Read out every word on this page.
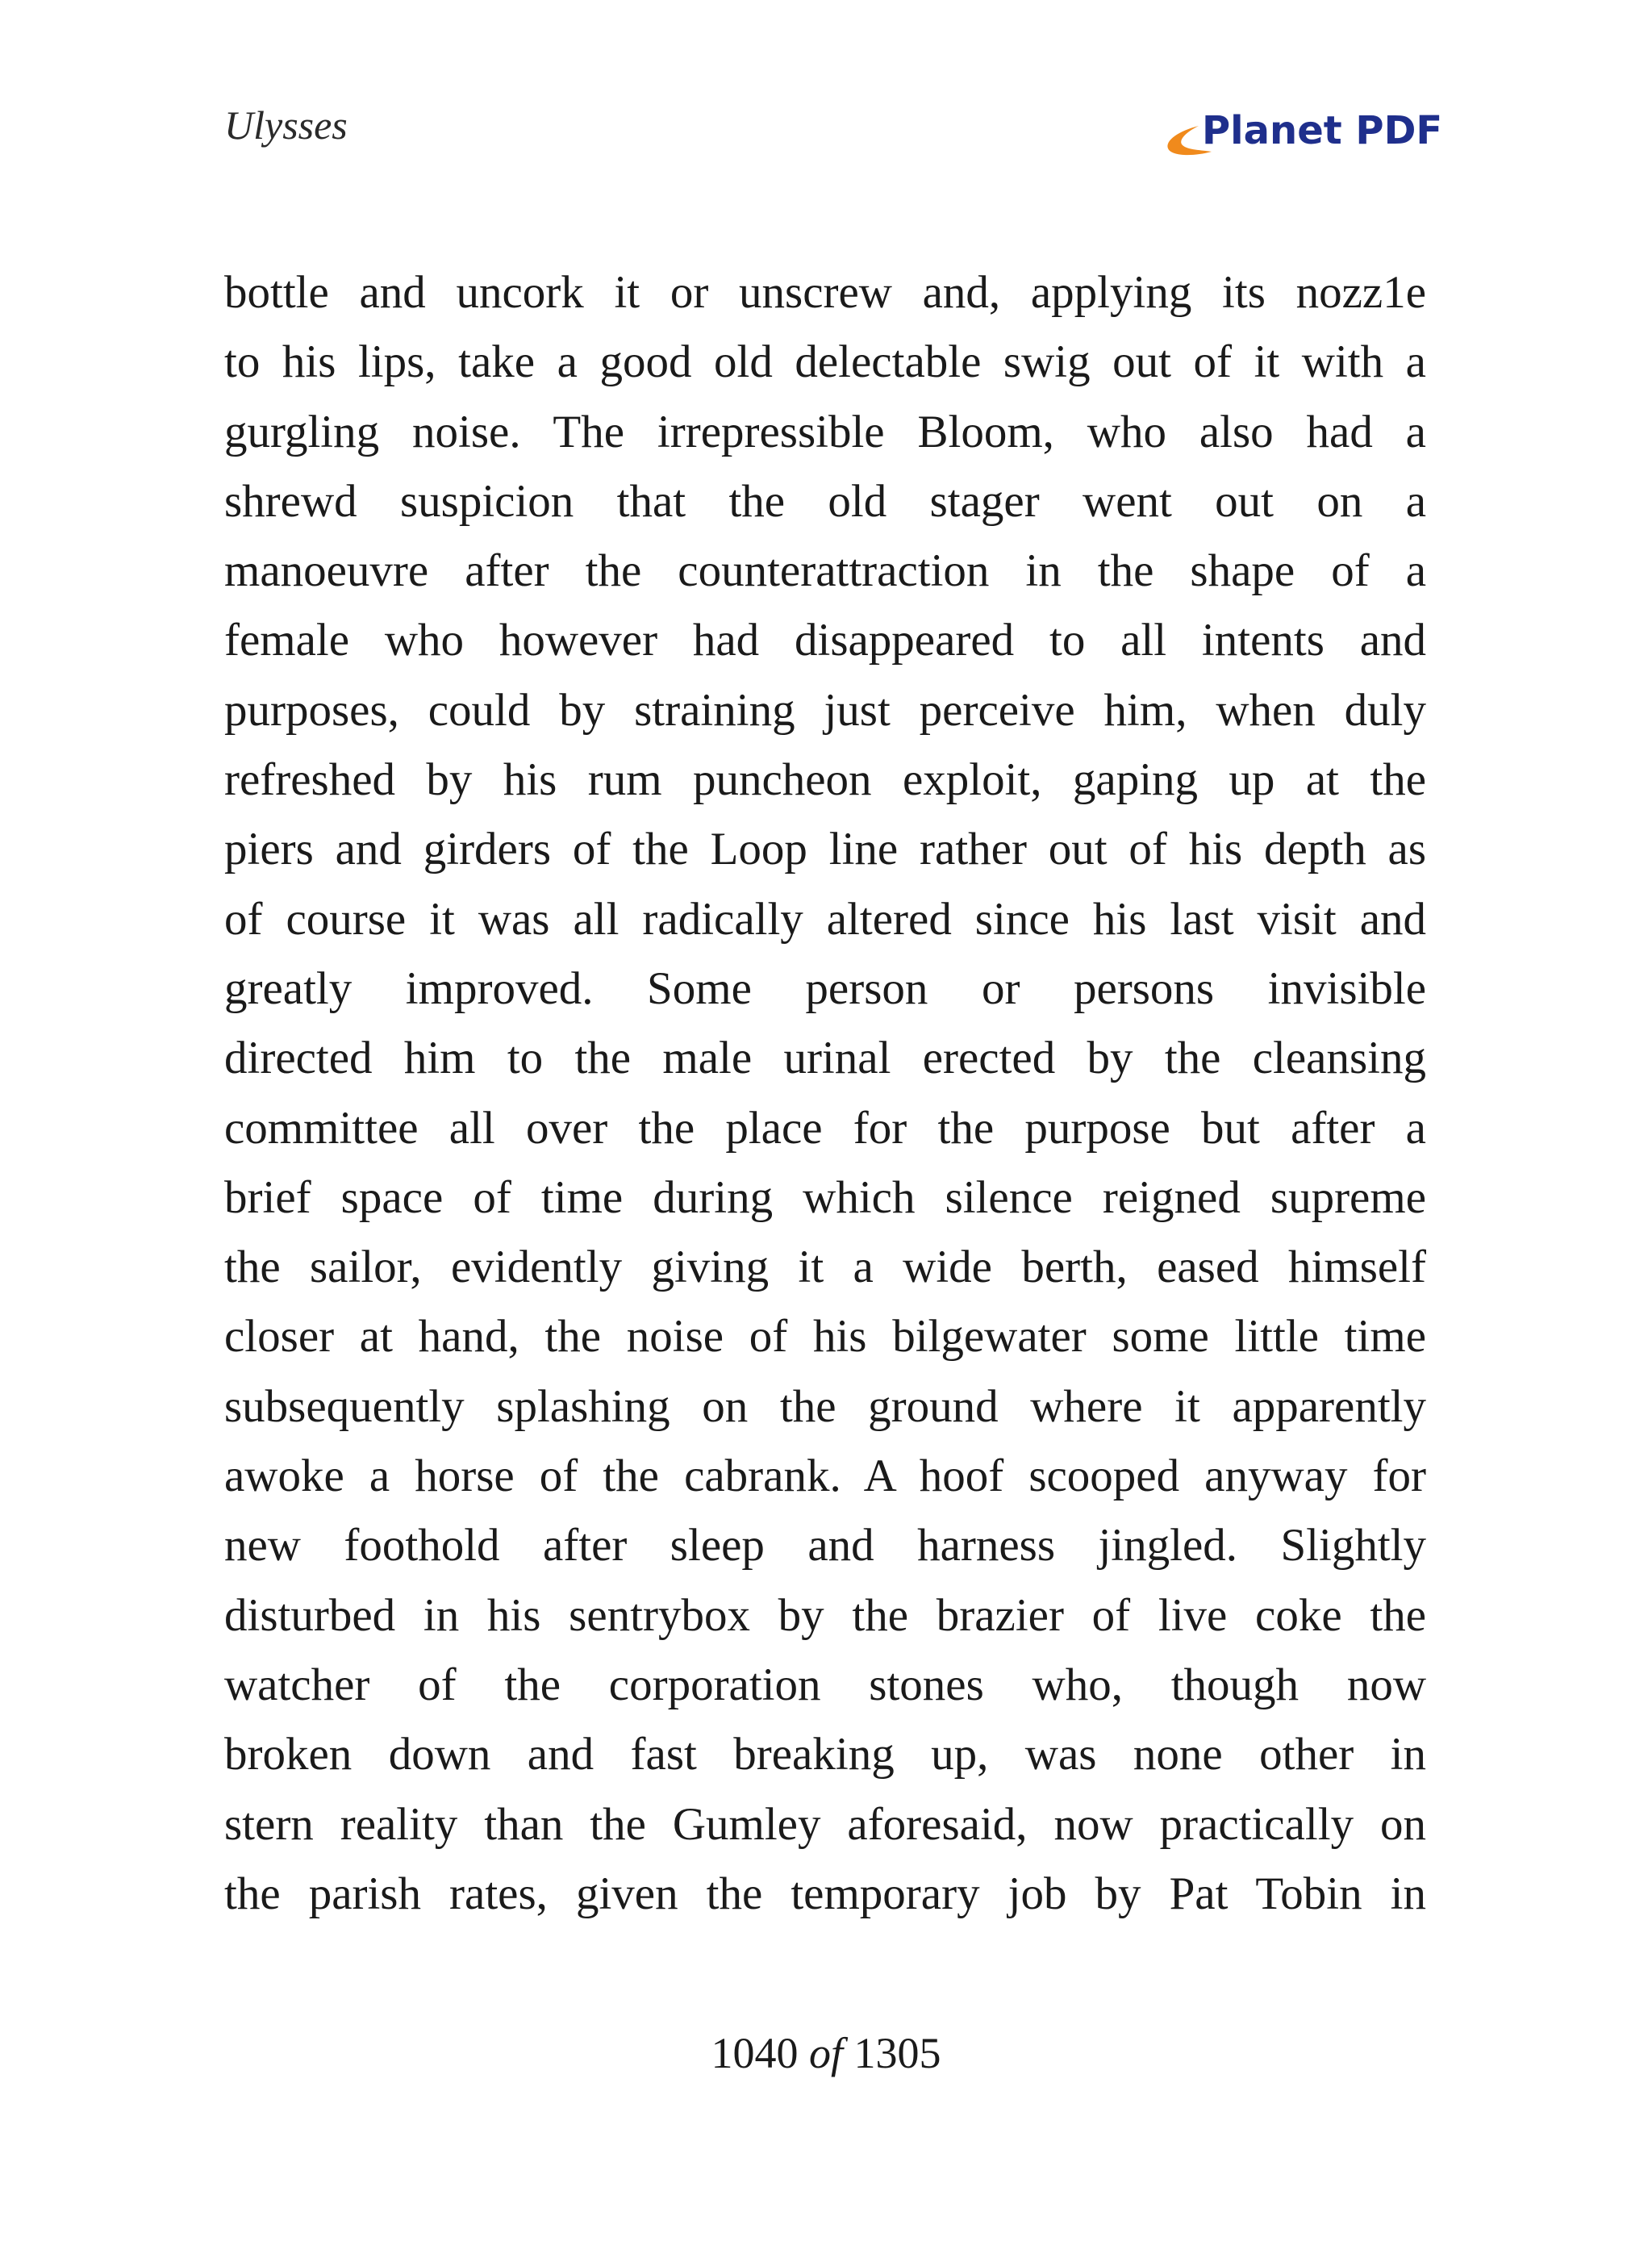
Ulysses	Planet PDF
bottle and uncork it or unscrew and, applying its nozz1e
to his lips, take a good old delectable swig out of it with a
gurgling noise. The irrepressible Bloom, who also had a
shrewd suspicion that the old stager went out on a
manoeuvre after the counterattraction in the shape of a
female who however had disappeared to all intents and
purposes, could by straining just perceive him, when duly
refreshed by his rum puncheon exploit, gaping up at the
piers and girders of the Loop line rather out of his depth as
of course it was all radically altered since his last visit and
greatly improved. Some person or persons invisible
directed him to the male urinal erected by the cleansing
committee all over the place for the purpose but after a
brief space of time during which silence reigned supreme
the sailor, evidently giving it a wide berth, eased himself
closer at hand, the noise of his bilgewater some little time
subsequently splashing on the ground where it apparently
awoke a horse of the cabrank. A hoof scooped anyway for
new foothold after sleep and harness jingled. Slightly
disturbed in his sentrybox by the brazier of live coke the
watcher of the corporation stones who, though now
broken down and fast breaking up, was none other in
stern reality than the Gumley aforesaid, now practically on
the parish rates, given the temporary job by Pat Tobin in
1040 of 1305
